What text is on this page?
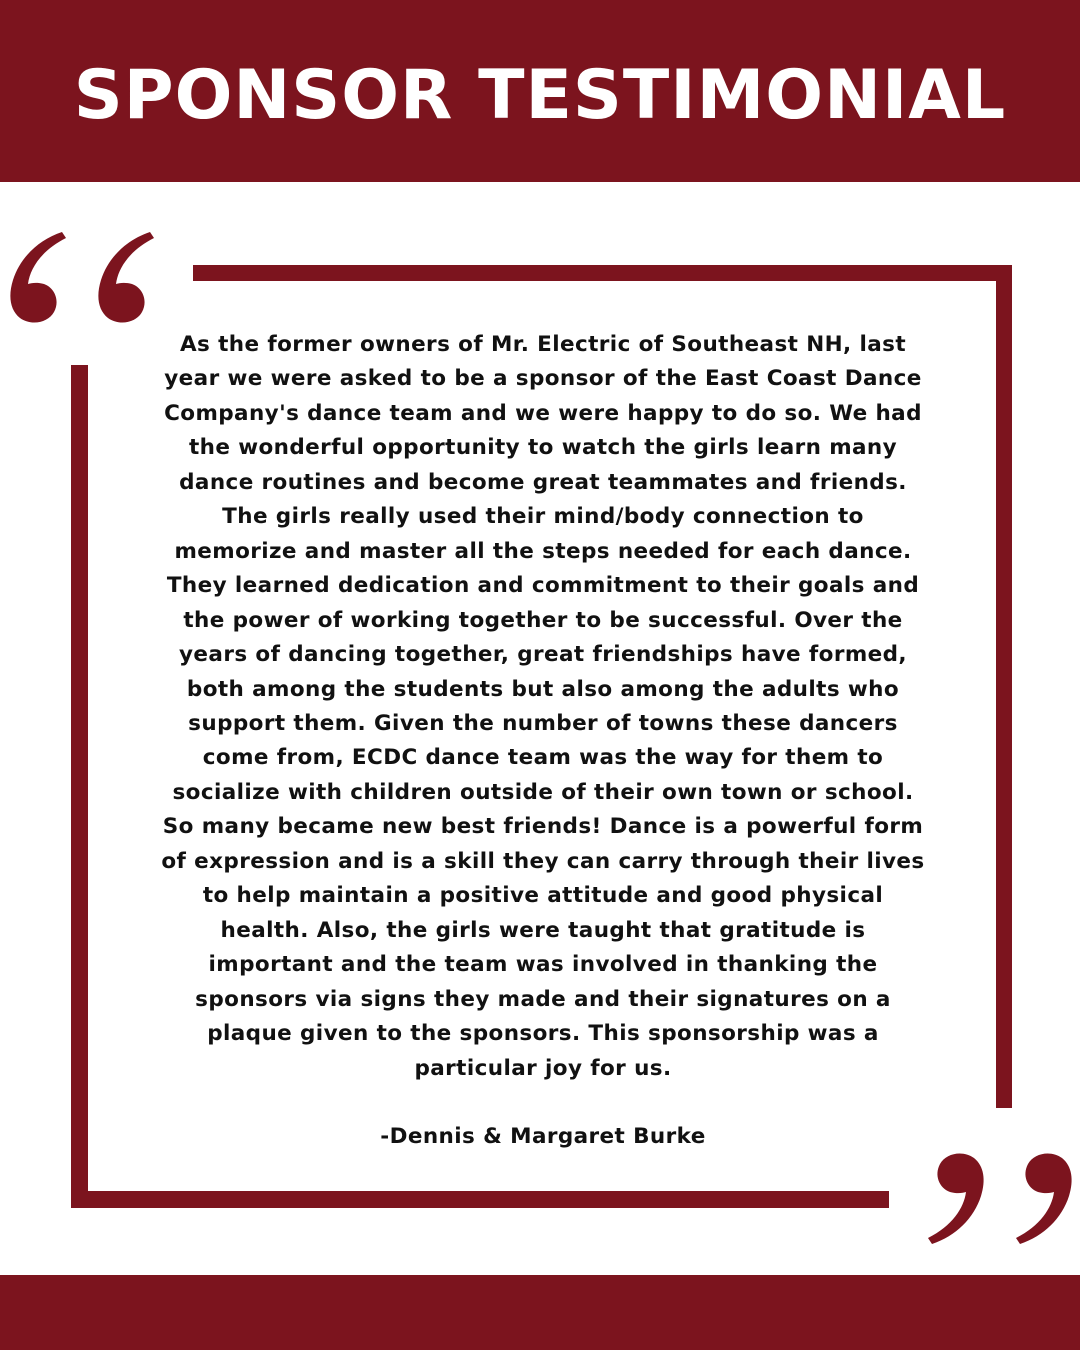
SPONSOR TESTIMONIAL
As the former owners of Mr. Electric of Southeast NH, last
year we were asked to be a sponsor of the East Coast Dance
Company's dance team and we were happy to do so. We had
the wonderful opportunity to watch the girls learn many
dance routines and become great teammates and friends.
The girls really used their mind/body connection to
memorize and master all the steps needed for each dance.
They learned dedication and commitment to their goals and
the power of working together to be successful. Over the
years of dancing together, great friendships have formed,
both among the students but also among the adults who
support them. Given the number of towns these dancers
come from, ECDC dance team was the way for them to
socialize with children outside of their own town or school.
So many became new best friends! Dance is a powerful form
of expression and is a skill they can carry through their lives
to help maintain a positive attitude and good physical
health. Also, the girls were taught that gratitude is
important and the team was involved in thanking the
sponsors via signs they made and their signatures on a
plaque given to the sponsors. This sponsorship was a
particular joy for us.
-Dennis & Margaret Burke
